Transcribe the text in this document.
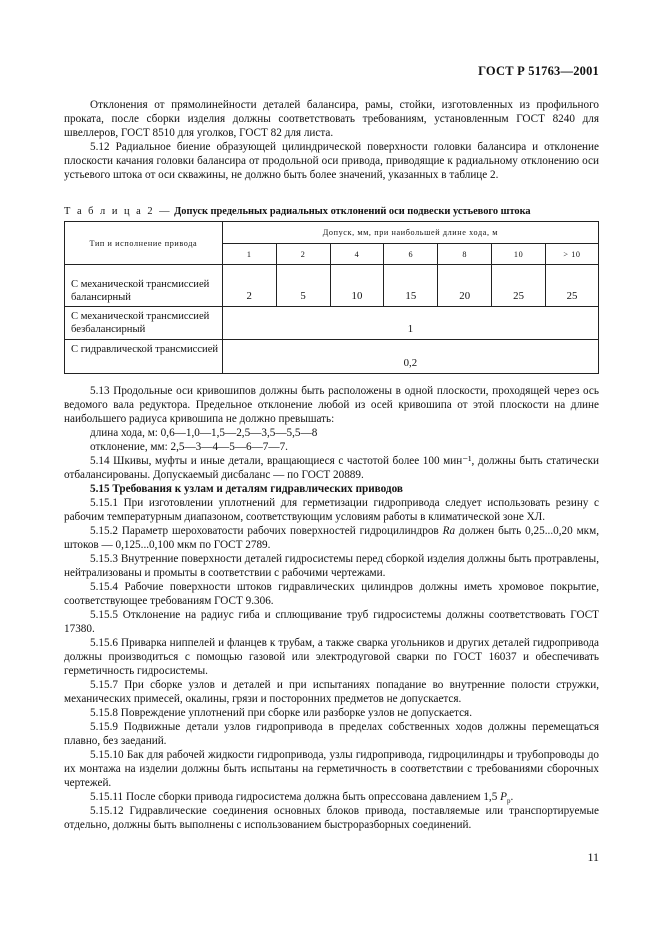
ГОСТ Р 51763—2001

Отклонения от прямолинейности деталей балансира, рамы, стойки, изготовленных из профильного проката, после сборки изделия должны соответствовать требованиям, установленным ГОСТ 8240 для швеллеров, ГОСТ 8510 для уголков, ГОСТ 82 для листа.

5.12 Радиальное биение образующей цилиндрической поверхности головки балансира и отклонение плоскости качания головки балансира от продольной оси привода, приводящие к радиальному отклонению оси устьевого штока от оси скважины, не должно быть более значений, указанных в таблице 2.

Т а б л и ц а 2 — Допуск предельных радиальных отклонений оси подвески устьевого штока
Тип и исполнение привода	Допуск, мм, при наибольшей длине хода, м						
	1	2	4	6	8	10	> 10
С механической трансмиссией балансирный	2	5	10	15	20	25	25
С механической трансмиссией безбалансирный	1						
С гидравлической трансмиссией	0,2						

5.13 Продольные оси кривошипов должны быть расположены в одной плоскости, проходящей через ось ведомого вала редуктора. Предельное отклонение любой из осей кривошипа от этой плоскости на длине наибольшего радиуса кривошипа не должно превышать:

длина хода, м: 0,6—1,0—1,5—2,5—3,5—5,5—8

отклонение, мм: 2,5—3—4—5—6—7—7.

5.14 Шкивы, муфты и иные детали, вращающиеся с частотой более 100 мин⁻¹, должны быть статически отбалансированы. Допускаемый дисбаланс — по ГОСТ 20889.

5.15 Требования к узлам и деталям гидравлических приводов

5.15.1 При изготовлении уплотнений для герметизации гидропривода следует использовать резину с рабочим температурным диапазоном, соответствующим условиям работы в климатической зоне ХЛ.

5.15.2 Параметр шероховатости рабочих поверхностей гидроцилиндров Ra должен быть 0,25...0,20 мкм, штоков — 0,125...0,100 мкм по ГОСТ 2789.

5.15.3 Внутренние поверхности деталей гидросистемы перед сборкой изделия должны быть протравлены, нейтрализованы и промыты в соответствии с рабочими чертежами.

5.15.4 Рабочие поверхности штоков гидравлических цилиндров должны иметь хромовое покрытие, соответствующее требованиям ГОСТ 9.306.

5.15.5 Отклонение на радиус гиба и сплющивание труб гидросистемы должны соответствовать ГОСТ 17380.

5.15.6 Приварка ниппелей и фланцев к трубам, а также сварка угольников и других деталей гидропривода должны производиться с помощью газовой или электродуговой сварки по ГОСТ 16037 и обеспечивать герметичность гидросистемы.

5.15.7 При сборке узлов и деталей и при испытаниях попадание во внутренние полости стружки, механических примесей, окалины, грязи и посторонних предметов не допускается.

5.15.8 Повреждение уплотнений при сборке или разборке узлов не допускается.

5.15.9 Подвижные детали узлов гидропривода в пределах собственных ходов должны перемещаться плавно, без заеданий.

5.15.10 Бак для рабочей жидкости гидропривода, узлы гидропривода, гидроцилиндры и трубопроводы до их монтажа на изделии должны быть испытаны на герметичность в соответствии с требованиями сборочных чертежей.

5.15.11 После сборки привода гидросистема должна быть опрессована давлением 1,5 $P_р$.

5.15.12 Гидравлические соединения основных блоков привода, поставляемые или транспортируемые отдельно, должны быть выполнены с использованием быстроразборных соединений.

11
